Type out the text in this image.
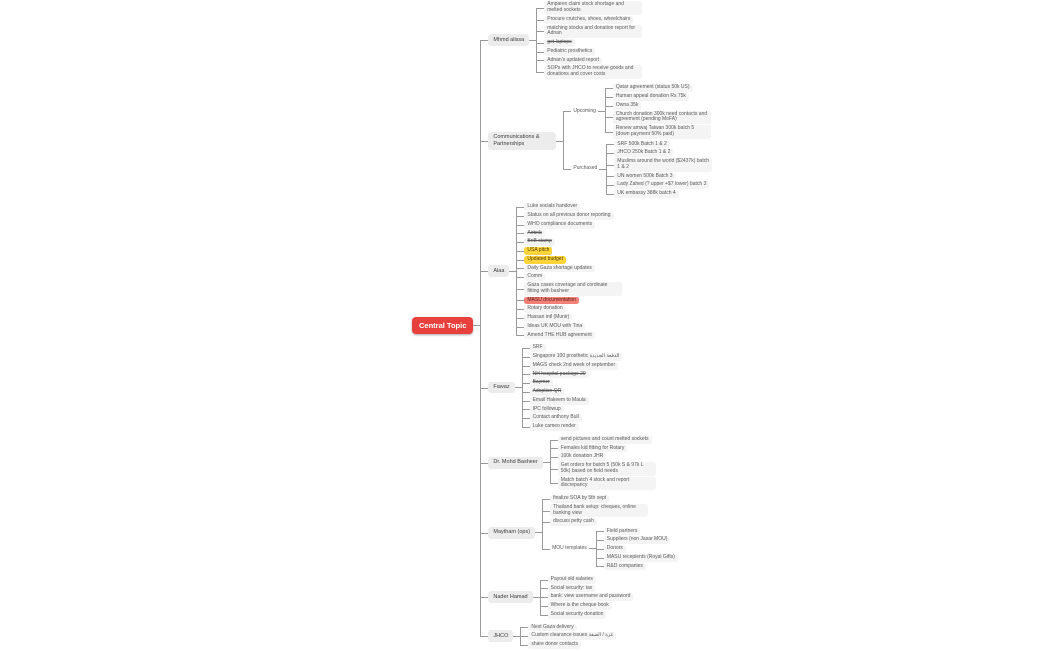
Central Topic
Mhmd alissa
Amparex claim stock shortage and melted sockets
Procure crutches, shoes, wheelchairs
matching stocks and donation report for Adnan
get laptops
Pediatric prosthetics
Adnan's updated report
SOPs with JHCO to receive goods and donations and cover costs
Communications & Partnerships
Upcoming
Qatar agreement (status 50k US)
Human appeal donation Rs 75k
Owna 35k
Church donation 300k need contacts and agreement (pending MoFA)
Renew amwaj Taiwan 300k batch 5 (down payment 50% paid)
Purchased
SRF 500k Batch 1 & 2
JHCO 250k Batch 1 & 2
Muslims around the world ($2437k) batch 1 & 2
UN women 500k Batch 3
Lady Zahed (? upper +$7 lower) batch 3
UK embassy 388k batch 4
Alaa
Luke socials handover
Status on all previous donor reporting
WHO compliance documents
Airbnb
BnB stamp
USA pitch
Updated budget
Daily Gaza shortage updates
Comm
Gaza cases coverage and cordinate fitting with basheer
MASU documentation
Rotary donation
Hassan intl (Munir)
Ideas UK MOU with Tina
Amend THE HUB agreement
Fawaz
SRF
Singapore 100 prosthetic الدفعة الجديدة
MAGS check 2nd week of september
NH hospital package 29
Baymer
Adoption QR
Email Hakeem to Maula
IPC followup
Contact anthony Bull
Luke cameo render
Dr. Mohd Basheer
send pictures and count melted sockets
Females kid fitting for Rotary
100k donation JHR
Get orders for batch 5 (50k S & 97k L 50k) based on field needs
Match batch 4 stock and report discrepancy
Maytham (ops)
finalize SOA by 5th sept
Thailand bank setup: cheques, online banking view
discuss petty cash
MOU templates
Field partners
Suppliers (non Jasar MOU)
Donors
MASU recepients (Royal Gifts)
R&D companies
Nader Hamad
Payout old salaries
Social security: tax
bank: view username and password
Where is the cheque book
Social security donation
JHCO
Next Gaza delivery
Custom clearance issues غزة / الضفة
share donor contacts
